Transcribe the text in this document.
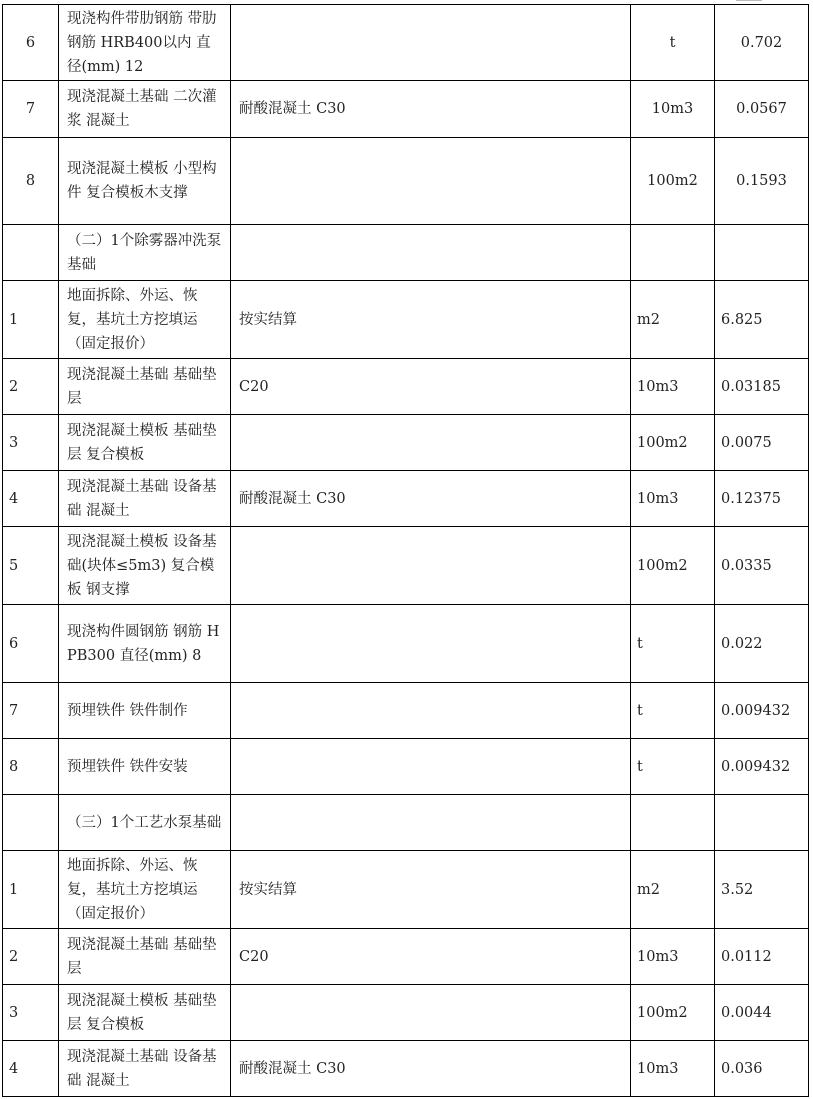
6	现浇构件带肋钢筋 带肋钢筋 HRB400以内 直径(mm) 12		t	0.702
7	现浇混凝土基础 二次灌浆 混凝土	耐酸混凝土 C30	10m3	0.0567
8	现浇混凝土模板 小型构件 复合模板木支撑		100m2	0.1593
	（二）1个除雾器冲洗泵基础			
1	地面拆除、外运、恢复，基坑土方挖填运（固定报价）	按实结算	m2	6.825
2	现浇混凝土基础 基础垫层	C20	10m3	0.03185
3	现浇混凝土模板 基础垫层 复合模板		100m2	0.0075
4	现浇混凝土基础 设备基础 混凝土	耐酸混凝土 C30	10m3	0.12375
5	现浇混凝土模板 设备基础(块体≤5m3) 复合模板 钢支撑		100m2	0.0335
6	现浇构件圆钢筋 钢筋 HPB300 直径(mm) 8		t	0.022
7	预埋铁件 铁件制作		t	0.009432
8	预埋铁件 铁件安装		t	0.009432
	（三）1个工艺水泵基础			
1	地面拆除、外运、恢复，基坑土方挖填运（固定报价）	按实结算	m2	3.52
2	现浇混凝土基础 基础垫层	C20	10m3	0.0112
3	现浇混凝土模板 基础垫层 复合模板		100m2	0.0044
4	现浇混凝土基础 设备基础 混凝土	耐酸混凝土 C30	10m3	0.036
